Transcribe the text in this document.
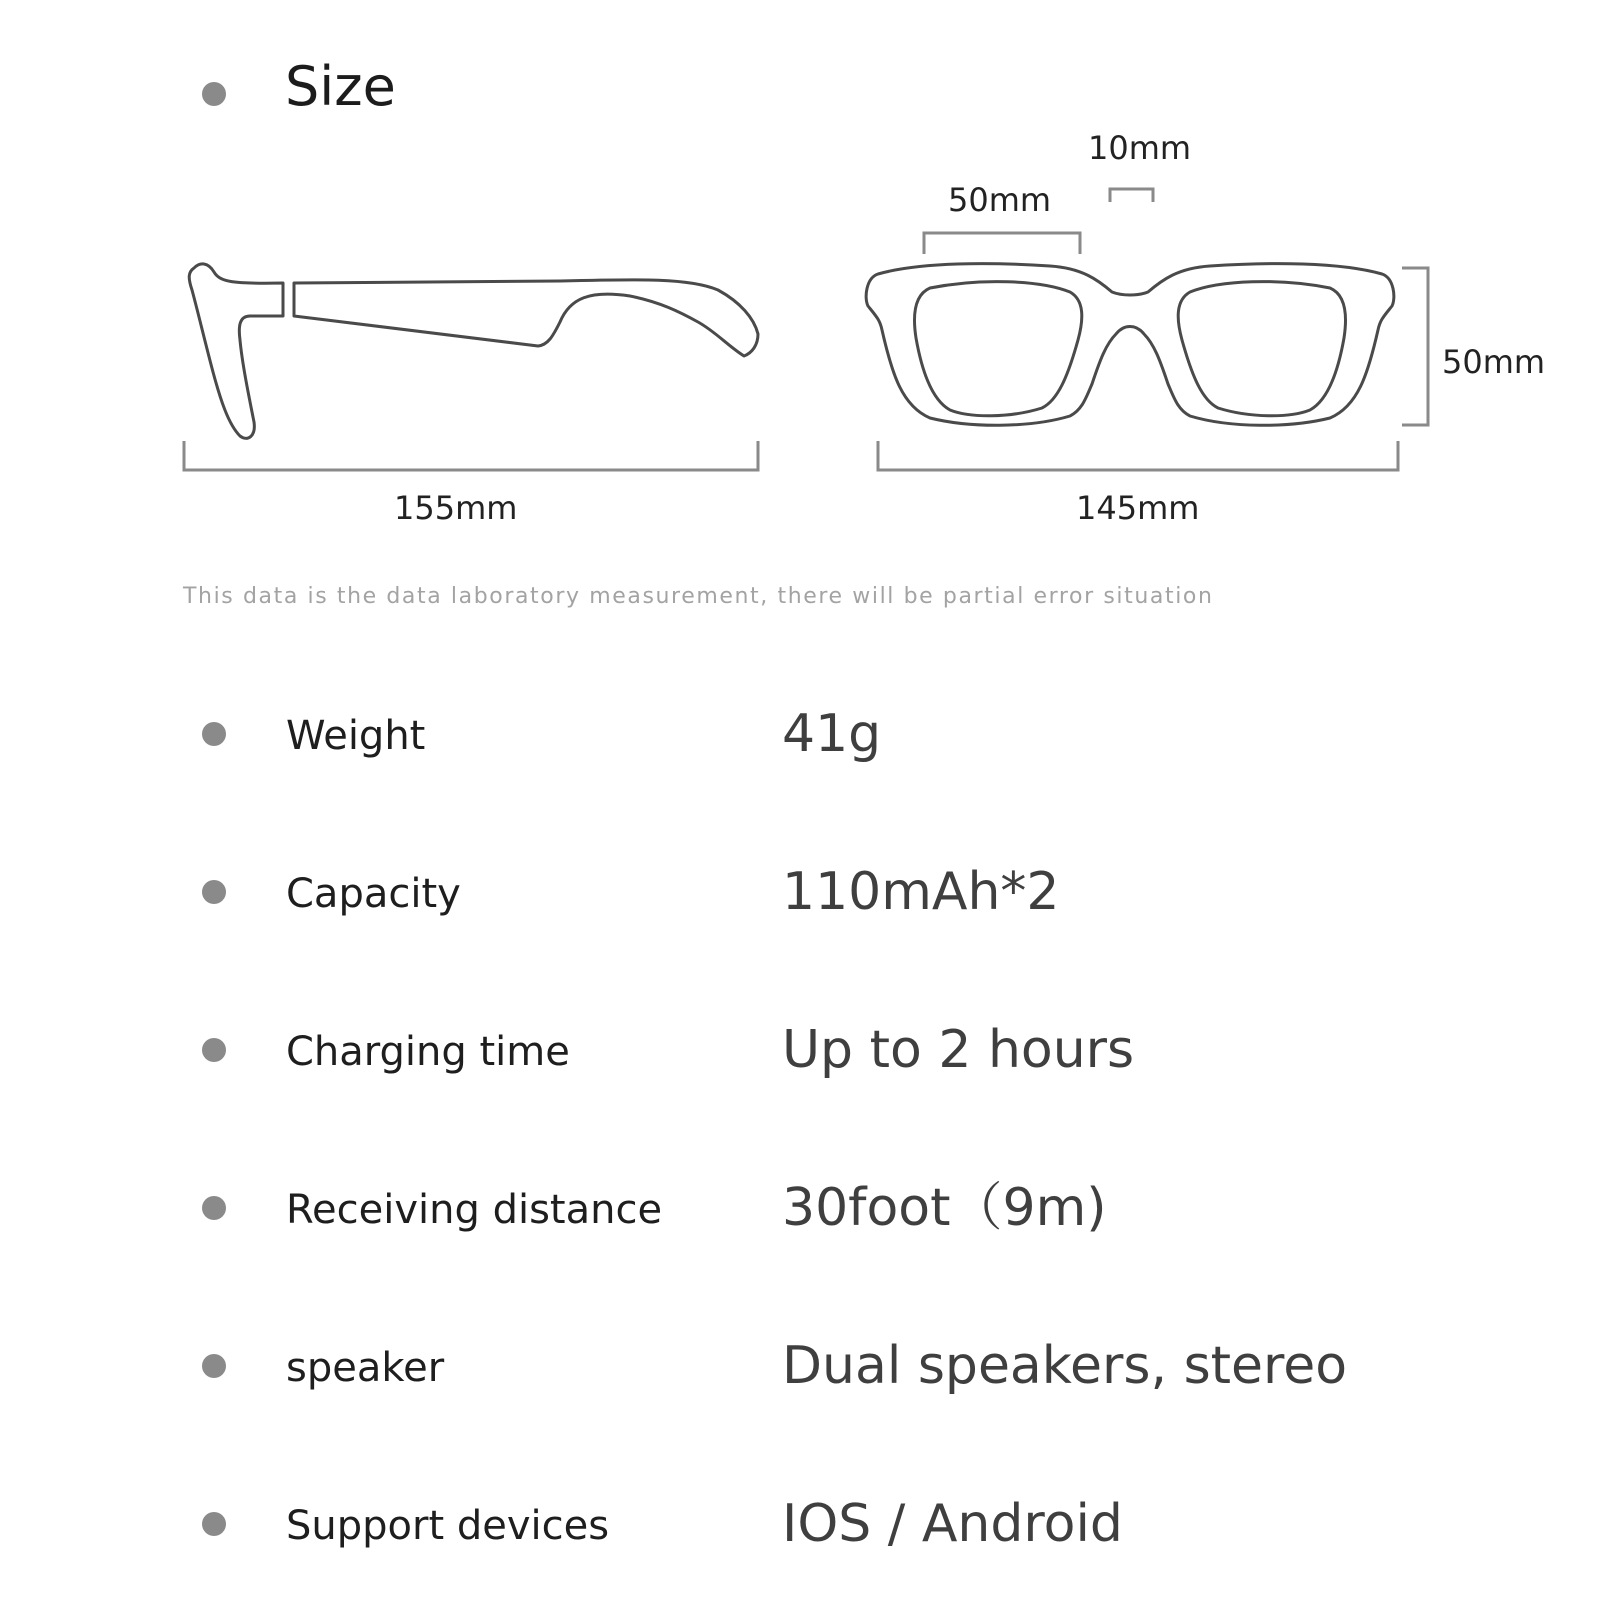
Size
155mm	145mm
50mm
10mm
50mm
This data is the data laboratory measurement, there will be partial error situation
Weight	41g
Capacity	110mAh*2
Charging time	Up to 2 hours
Receiving distance 30foot（9m)
speaker	Dual speakers, stereo
Support devices	IOS / Android
